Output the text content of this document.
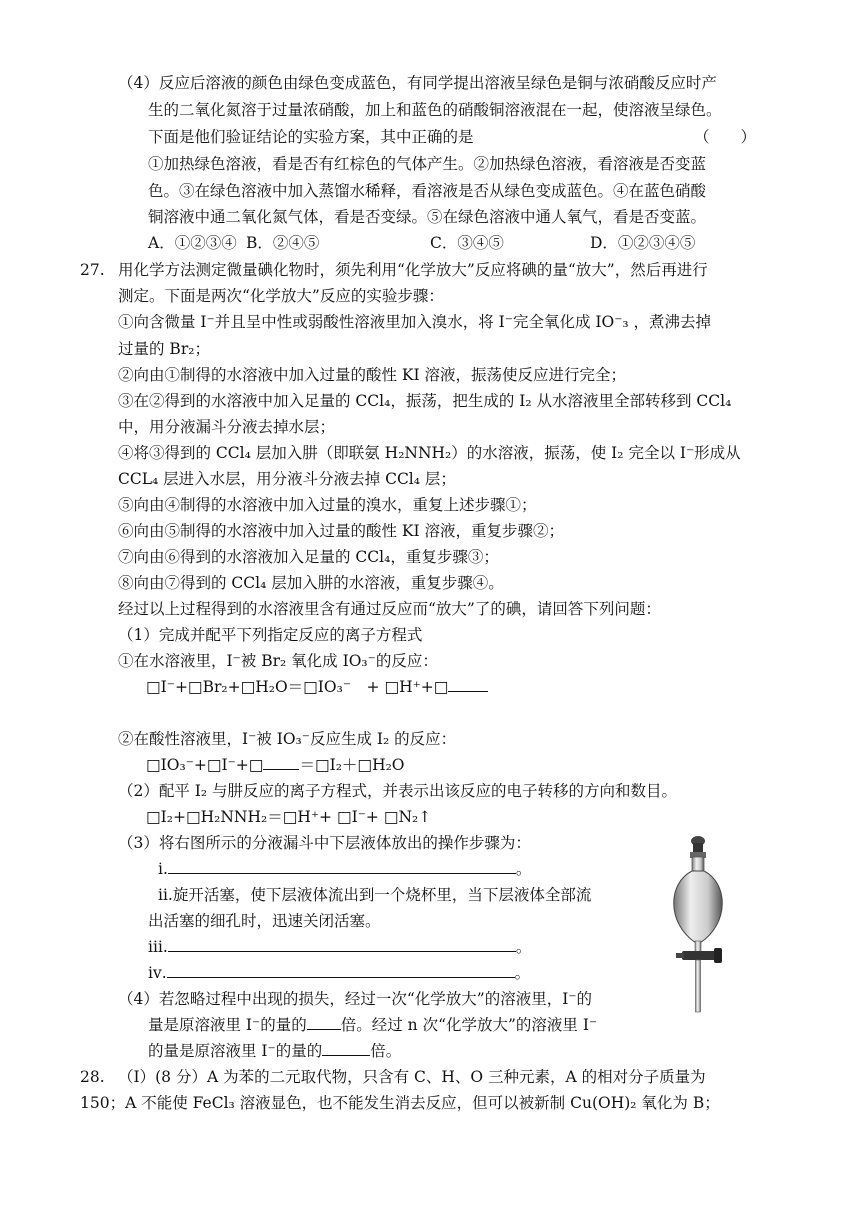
（4）反应后溶液的颜色由绿色变成蓝色，有同学提出溶液呈绿色是铜与浓硝酸反应时产
生的二氧化氮溶于过量浓硝酸，加上和蓝色的硝酸铜溶液混在一起，使溶液呈绿色。
下面是他们验证结论的实验方案，其中正确的是	（　　）
①加热绿色溶液，看是否有红棕色的气体产生。②加热绿色溶液，看溶液是否变蓝
色。③在绿色溶液中加入蒸馏水稀释，看溶液是否从绿色变成蓝色。④在蓝色硝酸
铜溶液中通二氧化氮气体，看是否变绿。⑤在绿色溶液中通人氧气，看是否变蓝。
A．①②③④ B．②④⑤	C．③④⑤	D．①②③④⑤
27. 用化学方法测定微量碘化物时，须先利用“化学放大”反应将碘的量“放大”，然后再进行
测定。下面是两次“化学放大”反应的实验步骤：
①向含微量 I⁻并且呈中性或弱酸性溶液里加入溴水，将 I⁻完全氧化成 IO⁻₃ ，煮沸去掉
过量的 Br₂；
②向由①制得的水溶液中加入过量的酸性 KI 溶液，振荡使反应进行完全；
③在②得到的水溶液中加入足量的 CCl₄，振荡，把生成的 I₂ 从水溶液里全部转移到 CCl₄
中，用分液漏斗分液去掉水层；
④将③得到的 CCl₄ 层加入肼（即联氨 H₂NNH₂）的水溶液，振荡，使 I₂ 完全以 I⁻形成从
CCL₄ 层进入水层，用分液斗分液去掉 CCl₄ 层；
⑤向由④制得的水溶液中加入过量的溴水，重复上述步骤①；
⑥向由⑤制得的水溶液中加入过量的酸性 KI 溶液，重复步骤②；
⑦向由⑥得到的水溶液加入足量的 CCl₄，重复步骤③；
⑧向由⑦得到的 CCl₄ 层加入肼的水溶液，重复步骤④。
经过以上过程得到的水溶液里含有通过反应而“放大”了的碘，请回答下列问题：
（1）完成并配平下列指定反应的离子方程式
①在水溶液里，I⁻被 Br₂ 氧化成 IO₃⁻的反应：
□I⁻+□Br₂+□H₂O＝□IO₃⁻　+ □H⁺+□
②在酸性溶液里，I⁻被 IO₃⁻反应生成 I₂ 的反应：
□IO₃⁻+□I⁻+□ ＝□I₂＋□H₂O
（2）配平 I₂ 与肼反应的离子方程式，并表示出该反应的电子转移的方向和数目。
□I₂+□H₂NNH₂＝□H⁺+ □I⁻+ □N₂↑
（3）将右图所示的分液漏斗中下层液体放出的操作步骤为：
ⅰ.	。
ⅱ.旋开活塞，使下层液体流出到一个烧杯里，当下层液体全部流
出活塞的细孔时，迅速关闭活塞。
ⅲ.	。
ⅳ.	。
（4）若忽略过程中出现的损失，经过一次“化学放大”的溶液里，I⁻的
量是原溶液里 I⁻的量的 倍。经过 n 次“化学放大”的溶液里 I⁻
的量是原溶液里 I⁻的量的	倍。
28. （Ⅰ）(8 分）A 为苯的二元取代物，只含有 C、H、O 三种元素，A 的相对分子质量为
150；A 不能使 FeCl₃ 溶液显色，也不能发生消去反应，但可以被新制 Cu(OH)₂ 氧化为 B；
